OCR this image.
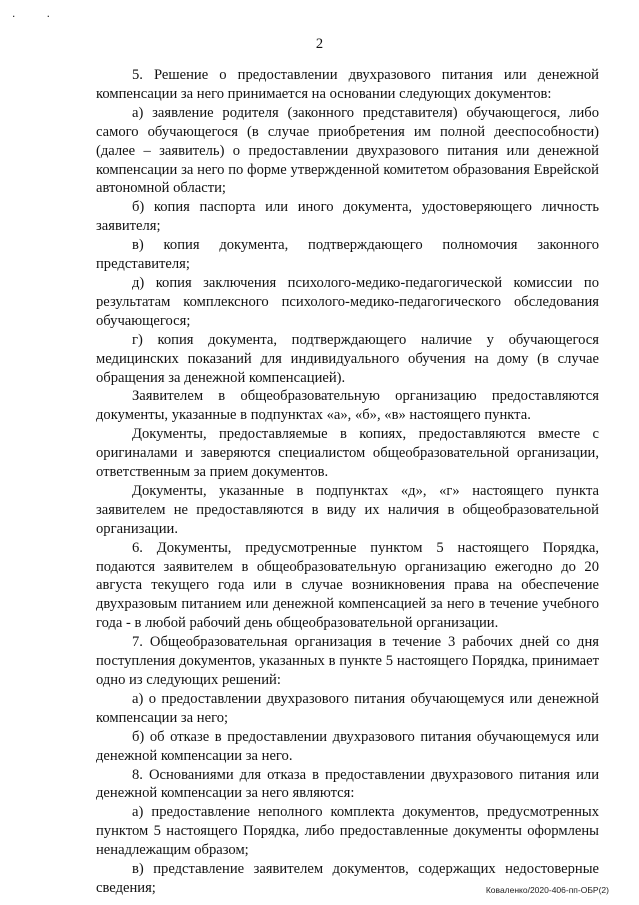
. .
2

5. Решение о предоставлении двухразового питания или денежной компенсации за него принимается на основании следующих документов:

а) заявление родителя (законного представителя) обучающегося, либо самого обучающегося (в случае приобретения им полной дееспособности) (далее – заявитель) о предоставлении двухразового питания или денежной компенсации за него по форме утвержденной комитетом образования Еврейской автономной области;

б) копия паспорта или иного документа, удостоверяющего личность заявителя;

в) копия документа, подтверждающего полномочия законного представителя;

д) копия заключения психолого-медико-педагогической комиссии по результатам комплексного психолого-медико-педагогического обследования обучающегося;

г) копия документа, подтверждающего наличие у обучающегося медицинских показаний для индивидуального обучения на дому (в случае обращения за денежной компенсацией).

Заявителем в общеобразовательную организацию предоставляются документы, указанные в подпунктах «а», «б», «в» настоящего пункта.

Документы, предоставляемые в копиях, предоставляются вместе с оригиналами и заверяются специалистом общеобразовательной организации, ответственным за прием документов.

Документы, указанные в подпунктах «д», «г» настоящего пункта заявителем не предоставляются в виду их наличия в общеобразовательной организации.

6. Документы, предусмотренные пунктом 5 настоящего Порядка, подаются заявителем в общеобразовательную организацию ежегодно до 20 августа текущего года или в случае возникновения права на обеспечение двухразовым питанием или денежной компенсацией за него в течение учебного года - в любой рабочий день общеобразовательной организации.

7. Общеобразовательная организация в течение 3 рабочих дней со дня поступления документов, указанных в пункте 5 настоящего Порядка, принимает одно из следующих решений:

а) о предоставлении двухразового питания обучающемуся или денежной компенсации за него;

б) об отказе в предоставлении двухразового питания обучающемуся или денежной компенсации за него.

8. Основаниями для отказа в предоставлении двухразового питания или денежной компенсации за него являются:

а) предоставление неполного комплекта документов, предусмотренных пунктом 5 настоящего Порядка, либо предоставленные документы оформлены ненадлежащим образом;

в) представление заявителем документов, содержащих недостоверные сведения;	Коваленко/2020-406-пп-ОБР(2)
